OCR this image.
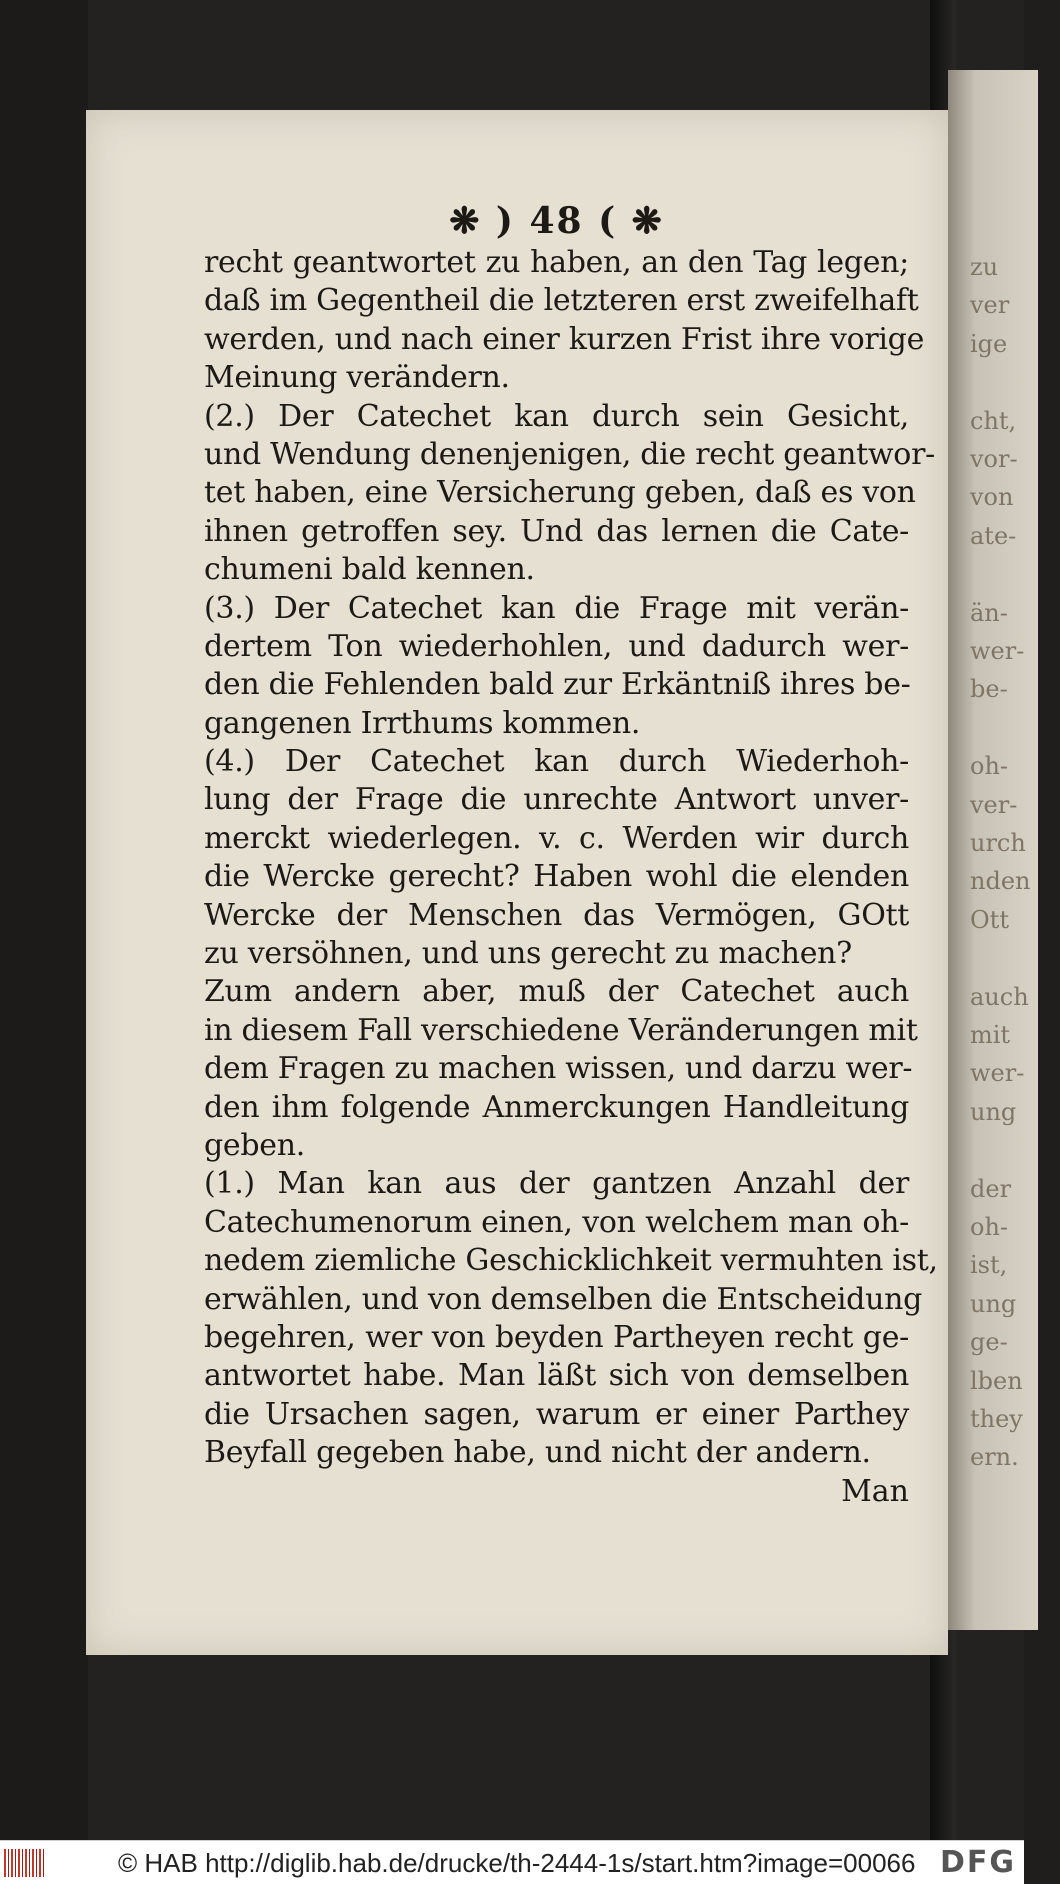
zu
ver
ige
cht,
vor-
von
ate-
än-
wer-
be-
oh-
ver-
urch
nden
Ott
auch
mit
wer-
ung
der
oh-
ist,
ung
ge-
lben
they
ern.
❋ ) 48 ( ❋
recht geantwortet zu haben, an den Tag legen;
daß im Gegentheil die letzteren erst zweifelhaft
werden, und nach einer kurzen Frist ihre vorige
Meinung verändern.
(2.) Der Catechet kan durch sein Gesicht,
und Wendung denenjenigen, die recht geantwor-
tet haben, eine Versicherung geben, daß es von
ihnen getroffen sey. Und das lernen die Cate-
chumeni bald kennen.
(3.) Der Catechet kan die Frage mit verän-
dertem Ton wiederhohlen, und dadurch wer-
den die Fehlenden bald zur Erkäntniß ihres be-
gangenen Irrthums kommen.
(4.) Der Catechet kan durch Wiederhoh-
lung der Frage die unrechte Antwort unver-
merckt wiederlegen. v. c. Werden wir durch
die Wercke gerecht? Haben wohl die elenden
Wercke der Menschen das Vermögen, GOtt
zu versöhnen, und uns gerecht zu machen?
Zum andern aber, muß der Catechet auch
in diesem Fall verschiedene Veränderungen mit
dem Fragen zu machen wissen, und darzu wer-
den ihm folgende Anmerckungen Handleitung
geben.
(1.) Man kan aus der gantzen Anzahl der
Catechumenorum einen, von welchem man oh-
nedem ziemliche Geschicklichkeit vermuhten ist,
erwählen, und von demselben die Entscheidung
begehren, wer von beyden Partheyen recht ge-
antwortet habe. Man läßt sich von demselben
die Ursachen sagen, warum er einer Parthey
Beyfall gegeben habe, und nicht der andern.
Man
© HAB http://diglib.hab.de/drucke/th-2444-1s/start.htm?image=00066 DFG
